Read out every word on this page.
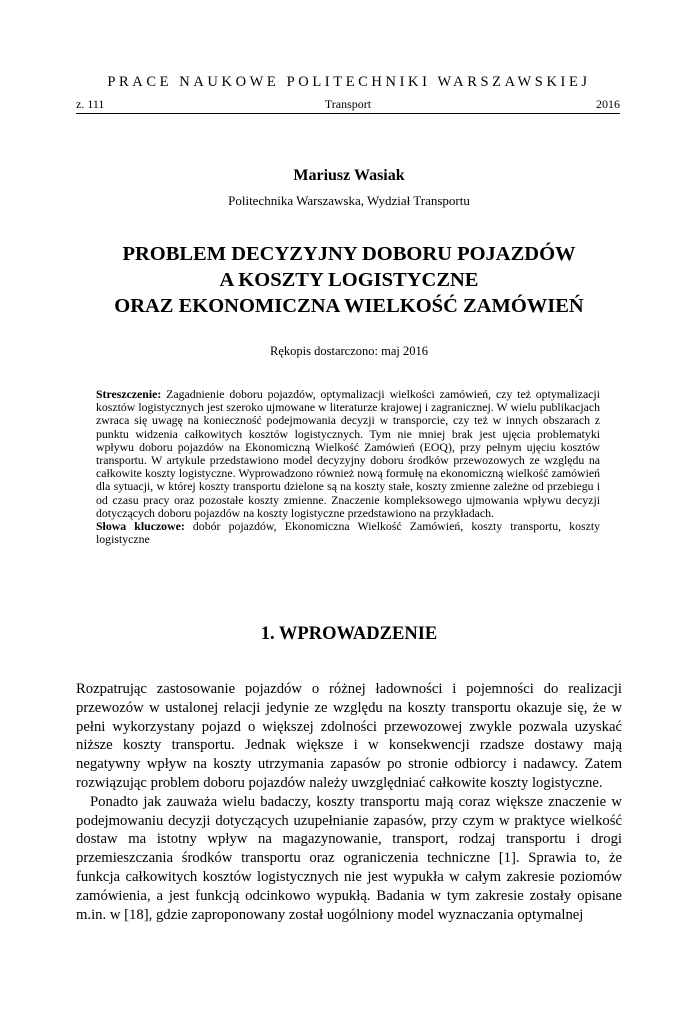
PRACE NAUKOWE POLITECHNIKI WARSZAWSKIEJ
z. 111	Transport	2016
Mariusz Wasiak
Politechnika Warszawska, Wydział Transportu
PROBLEM DECYZYJNY DOBORU POJAZDÓW
A KOSZTY LOGISTYCZNE
ORAZ EKONOMICZNA WIELKOŚĆ ZAMÓWIEŃ
Rękopis dostarczono: maj 2016

Streszczenie: Zagadnienie doboru pojazdów, optymalizacji wielkości zamówień, czy też optymalizacji kosztów logistycznych jest szeroko ujmowane w literaturze krajowej i zagranicznej. W wielu publikacjach zwraca się uwagę na konieczność podejmowania decyzji w transporcie, czy też w innych obszarach z punktu widzenia całkowitych kosztów logistycznych. Tym nie mniej brak jest ujęcia problematyki wpływu doboru pojazdów na Ekonomiczną Wielkość Zamówień (EOQ), przy pełnym ujęciu kosztów transportu. W artykule przedstawiono model decyzyjny doboru środków przewozowych ze względu na całkowite koszty logistyczne. Wyprowadzono również nową formułę na ekonomiczną wielkość zamówień dla sytuacji, w której koszty transportu dzielone są na koszty stałe, koszty zmienne zależne od przebiegu i od czasu pracy oraz pozostałe koszty zmienne. Znaczenie kompleksowego ujmowania wpływu decyzji dotyczących doboru pojazdów na koszty logistyczne przedstawiono na przykładach.

Słowa kluczowe: dobór pojazdów, Ekonomiczna Wielkość Zamówień, koszty transportu, koszty logistyczne

1. WPROWADZENIE

Rozpatrując zastosowanie pojazdów o różnej ładowności i pojemności do realizacji przewozów w ustalonej relacji jedynie ze względu na koszty transportu okazuje się, że w pełni wykorzystany pojazd o większej zdolności przewozowej zwykle pozwala uzyskać niższe koszty transportu. Jednak większe i w konsekwencji rzadsze dostawy mają negatywny wpływ na koszty utrzymania zapasów po stronie odbiorcy i nadawcy. Zatem rozwiązując problem doboru pojazdów należy uwzględniać całkowite koszty logistyczne.

Ponadto jak zauważa wielu badaczy, koszty transportu mają coraz większe znaczenie w podejmowaniu decyzji dotyczących uzupełnianie zapasów, przy czym w praktyce wielkość dostaw ma istotny wpływ na magazynowanie, transport, rodzaj transportu i drogi przemieszczania środków transportu oraz ograniczenia techniczne [1]. Sprawia to, że funkcja całkowitych kosztów logistycznych nie jest wypukła w całym zakresie poziomów zamówienia, a jest funkcją odcinkowo wypukłą. Badania w tym zakresie zostały opisane m.in. w [18], gdzie zaproponowany został uogólniony model wyznaczania optymalnej
